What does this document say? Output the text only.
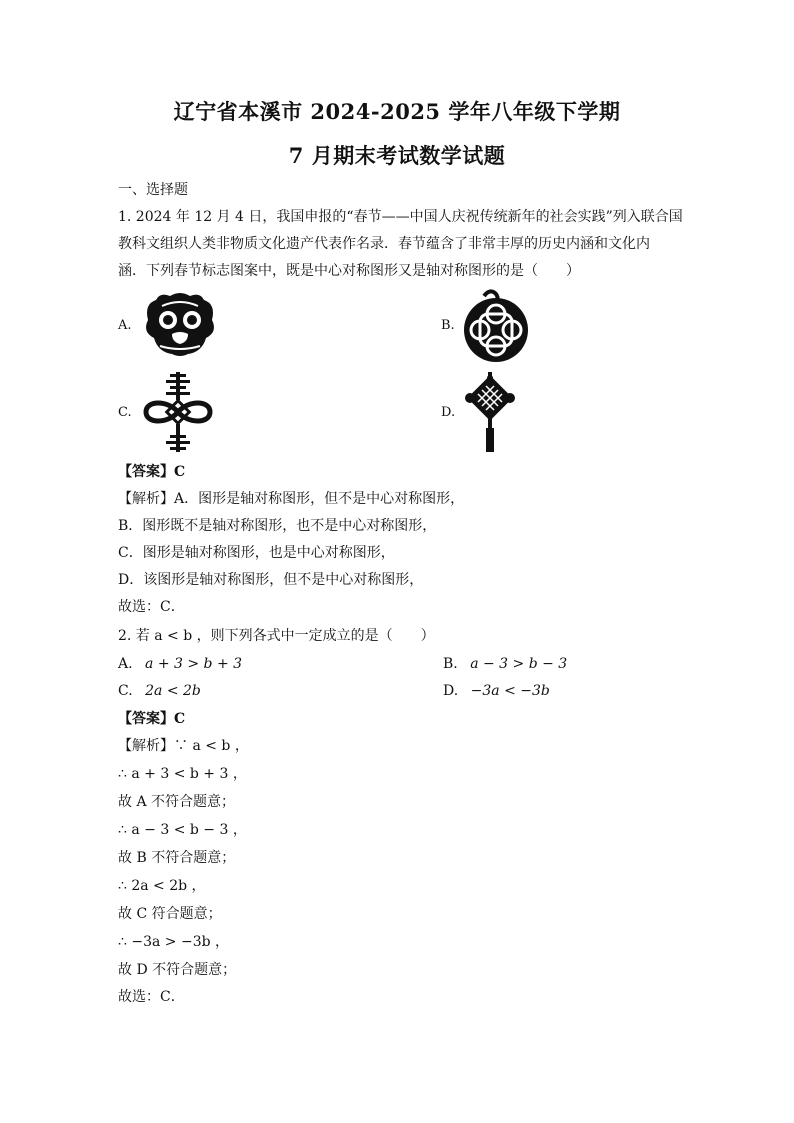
辽宁省本溪市 2024-2025 学年八年级下学期
7 月期末考试数学试题
一、选择题
1. 2024 年 12 月 4 日，我国申报的“春节——中国人庆祝传统新年的社会实践”列入联合国
教科文组织人类非物质文化遗产代表作名录．春节蕴含了非常丰厚的历史内涵和文化内
涵．下列春节标志图案中，既是中心对称图形又是轴对称图形的是（　　）
A.	B.
C.	D.
【答案】C
【解析】A．图形是轴对称图形，但不是中心对称图形，
B．图形既不是轴对称图形，也不是中心对称图形，
C．图形是轴对称图形，也是中心对称图形，
D．该图形是轴对称图形，但不是中心对称图形，
故选：C．
2. 若 a < b ，则下列各式中一定成立的是（　　）
A. a + 3 > b + 3	B. a − 3 > b − 3
C. 2a < 2b	D. −3a < −3b
【答案】C
【解析】∵ a < b ，
∴ a + 3 < b + 3 ，
故 A 不符合题意；
∴ a − 3 < b − 3 ，
故 B 不符合题意；
∴ 2a < 2b ，
故 C 符合题意；
∴ −3a > −3b ，
故 D 不符合题意；
故选：C．
